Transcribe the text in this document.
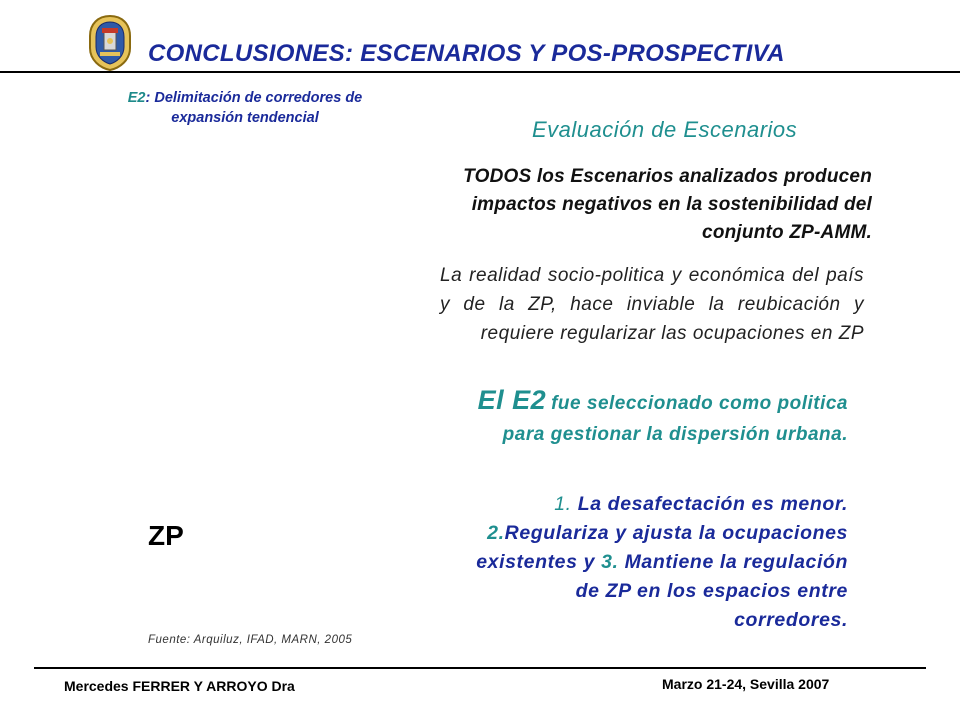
CONCLUSIONES: ESCENARIOS Y POS-PROSPECTIVA
E2: Delimitación de corredores de
expansión tendencial	Evaluación de Escenarios
TODOS los Escenarios analizados producen impactos negativos en la sostenibilidad del conjunto ZP-AMM.
La realidad socio-politica y económica del país y de la ZP, hace inviable la reubicación y requiere regularizar las ocupaciones en ZP
El E2 fue seleccionado como politica para gestionar la dispersión urbana.
1. La desafectación es menor. 2.Regulariza y ajusta la ocupaciones existentes y 3. Mantiene la regulación de ZP en los espacios entre corredores.
ZP
Fuente: Arquiluz, IFAD, MARN, 2005
Mercedes FERRER Y ARROYO Dra	Marzo 21-24, Sevilla 2007
